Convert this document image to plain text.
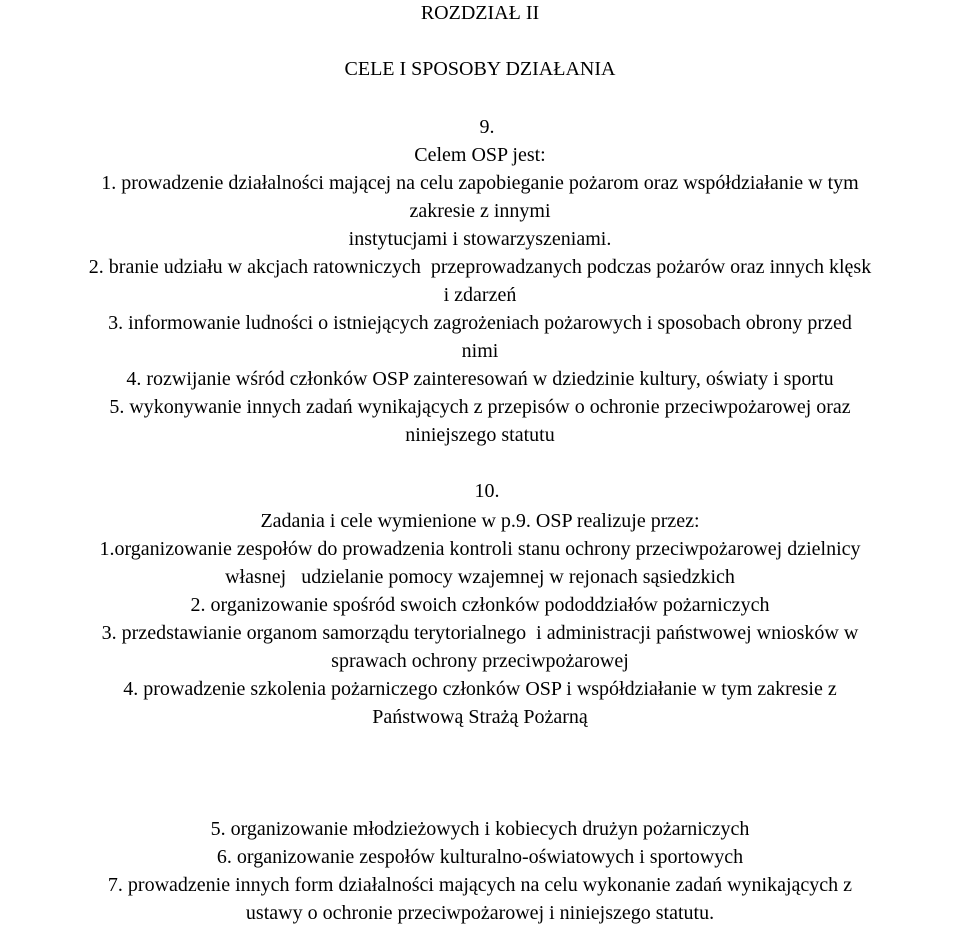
ROZDZIAŁ II
CELE I SPOSOBY DZIAŁANIA
9.
Celem OSP jest:
1. prowadzenie działalności mającej na celu zapobieganie pożarom oraz współdziałanie w tym
zakresie z innymi
instytucjami i stowarzyszeniami.
2. branie udziału w akcjach ratowniczych  przeprowadzanych podczas pożarów oraz innych klęsk
i zdarzeń
3. informowanie ludności o istniejących zagrożeniach pożarowych i sposobach obrony przed
nimi
4. rozwijanie wśród członków OSP zainteresowań w dziedzinie kultury, oświaty i sportu
5. wykonywanie innych zadań wynikających z przepisów o ochronie przeciwpożarowej oraz
niniejszego statutu
10.
Zadania i cele wymienione w p.9. OSP realizuje przez:
1.organizowanie zespołów do prowadzenia kontroli stanu ochrony przeciwpożarowej dzielnicy
własnej   udzielanie pomocy wzajemnej w rejonach sąsiedzkich
2. organizowanie spośród swoich członków pododdziałów pożarniczych
3. przedstawianie organom samorządu terytorialnego  i administracji państwowej wniosków w
sprawach ochrony przeciwpożarowej
4. prowadzenie szkolenia pożarniczego członków OSP i współdziałanie w tym zakresie z
Państwową Strażą Pożarną
5. organizowanie młodzieżowych i kobiecych drużyn pożarniczych
6. organizowanie zespołów kulturalno-oświatowych i sportowych
7. prowadzenie innych form działalności mających na celu wykonanie zadań wynikających z
ustawy o ochronie przeciwpożarowej i niniejszego statutu.
